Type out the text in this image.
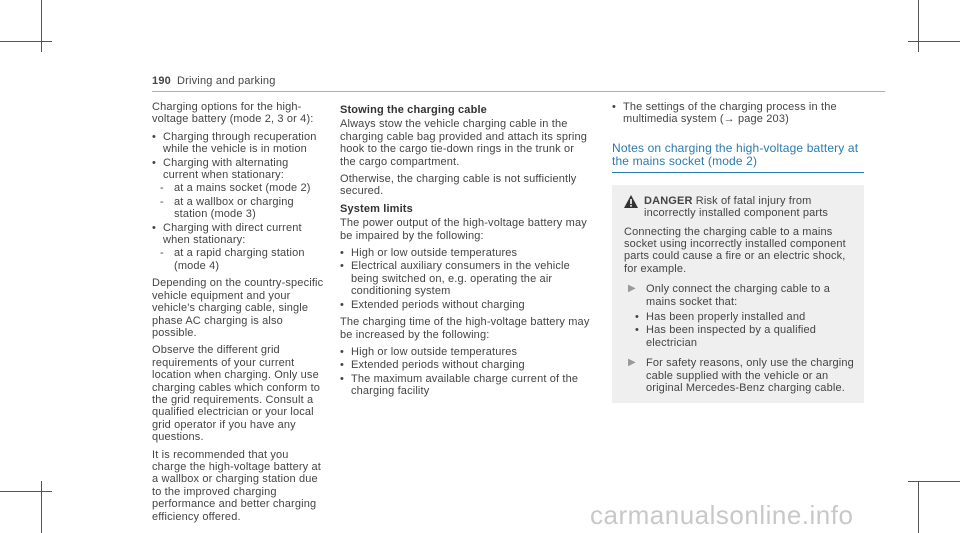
190 Driving and parking

Charging options for the high-voltage battery (mode 2, 3 or 4):

• Charging through recuperation while the vehicle is in motion
• Charging with alternating current when stationary:
- at a mains socket (mode 2)
- at a wallbox or charging station (mode 3)
• Charging with direct current when stationary:
- at a rapid charging station (mode 4)

Depending on the country-specific vehicle equipment and your vehicle's charging cable, single phase AC charging is also possible.

Observe the different grid requirements of your current location when charging. Only use charging cables which conform to the grid requirements. Consult a qualified electrician or your local grid operator if you have any questions.

It is recommended that you charge the high-voltage battery at a wallbox or charging station due to the improved charging performance and better charging efficiency offered.

Stowing the charging cable

Always stow the vehicle charging cable in the charging cable bag provided and attach its spring hook to the cargo tie-down rings in the trunk or the cargo compartment.

Otherwise, the charging cable is not sufficiently secured.

System limits

The power output of the high-voltage battery may be impaired by the following:

• High or low outside temperatures
• Electrical auxiliary consumers in the vehicle being switched on, e.g. operating the air conditioning system
• Extended periods without charging

The charging time of the high-voltage battery may be increased by the following:

• High or low outside temperatures
• Extended periods without charging
• The maximum available charge current of the charging facility
• The settings of the charging process in the multimedia system (→ page 203)
Notes on charging the high-voltage battery at the mains socket (mode 2)
DANGER Risk of fatal injury from incorrectly installed component parts

Connecting the charging cable to a mains socket using incorrectly installed component parts could cause a fire or an electric shock, for example.

▶ Only connect the charging cable to a mains socket that:
• Has been properly installed and
• Has been inspected by a qualified electrician
▶ For safety reasons, only use the charging cable supplied with the vehicle or an original Mercedes-Benz charging cable.
carmanualsonline.info
